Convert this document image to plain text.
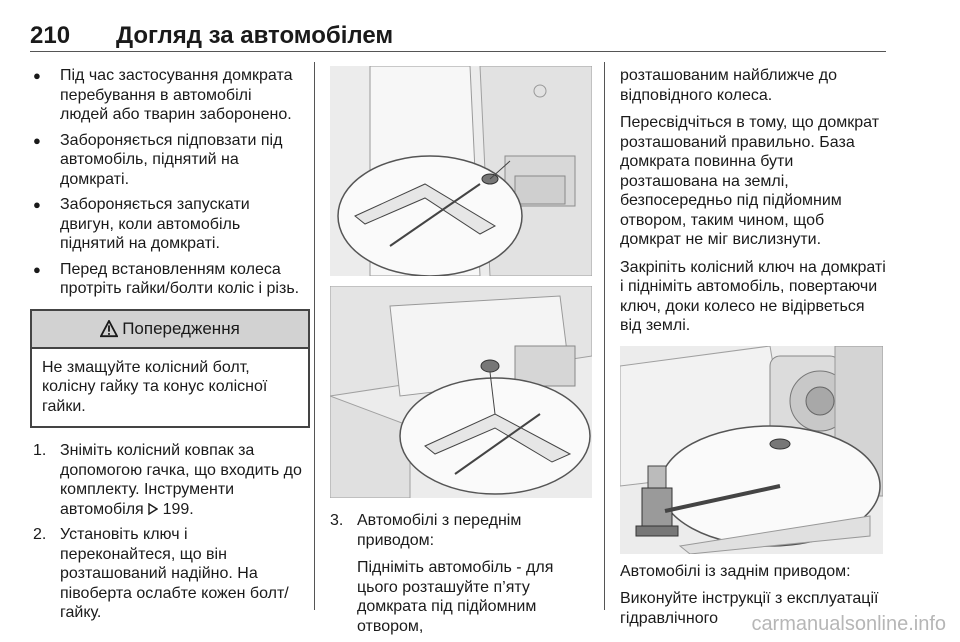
210 Догляд за автомобілем
● Під час застосування домкрата перебування в автомобілі людей або тварин заборонено.
● Забороняється підповзати під автомобіль, піднятий на домкраті.
● Забороняється запускати двигун, коли автомобіль піднятий на домкраті.
● Перед встановленням колеса протріть гайки/болти коліс і різь.
Попередження
Не змащуйте колісний болт, колісну гайку та конус колісної гайки.
1. Зніміть колісний ковпак за допомогою гачка, що входить до комплекту. Інструменти автомобіля  199.
2. Установіть ключ і переконайтеся, що він розташований надійно. На півоберта ослабте кожен болт/гайку.
3. Автомобілі з переднім приводом:

Підніміть автомобіль - для цього розташуйте п’яту домкрата під підйомним отвором,

розташованим найближче до відповідного колеса.

Пересвідчіться в тому, що домкрат розташований правильно. База домкрата повинна бути розташована на землі, безпосередньо під підйомним отвором, таким чином, щоб домкрат не міг вислизнути.

Закріпіть колісний ключ на домкраті і підніміть автомобіль, повертаючи ключ, доки колесо не відірветься від землі.

Автомобілі із заднім приводом:

Виконуйте інструкції з експлуатації гідравлічного	carmanualsonline.info
